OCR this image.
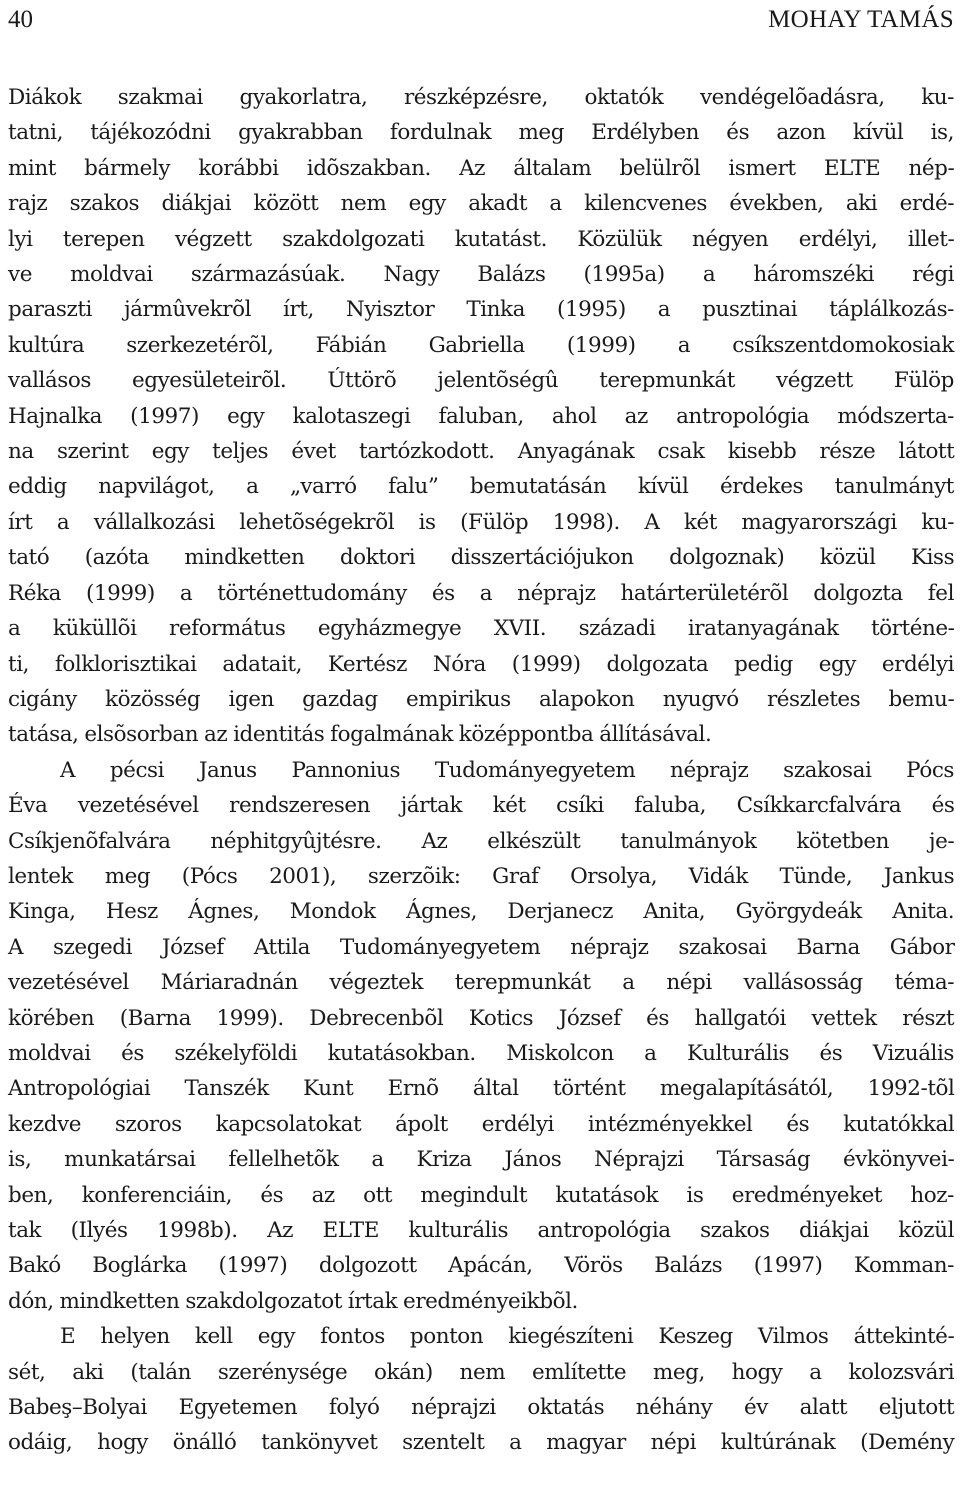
40	MOHAY TAMÁS

Diákok szakmai gyakorlatra, részképzésre, oktatók vendégelõadásra, ku-
tatni, tájékozódni gyakrabban fordulnak meg Erdélyben és azon kívül is,
mint bármely korábbi idõszakban. Az általam belülrõl ismert ELTE nép-
rajz szakos diákjai között nem egy akadt a kilencvenes években, aki erdé-
lyi terepen végzett szakdolgozati kutatást. Közülük négyen erdélyi, illet-
ve moldvai származásúak. Nagy Balázs (1995a) a háromszéki régi
paraszti jármûvekrõl írt, Nyisztor Tinka (1995) a pusztinai táplálkozás-
kultúra szerkezetérõl, Fábián Gabriella (1999) a csíkszentdomokosiak
vallásos egyesületeirõl. Úttörõ jelentõségû terepmunkát végzett Fülöp
Hajnalka (1997) egy kalotaszegi faluban, ahol az antropológia módszerta-
na szerint egy teljes évet tartózkodott. Anyagának csak kisebb része látott
eddig napvilágot, a „varró falu” bemutatásán kívül érdekes tanulmányt
írt a vállalkozási lehetõségekrõl is (Fülöp 1998). A két magyarországi ku-
tató (azóta mindketten doktori disszertációjukon dolgoznak) közül Kiss
Réka (1999) a történettudomány és a néprajz határterületérõl dolgozta fel
a küküllõi református egyházmegye XVII. századi iratanyagának történe-
ti, folklorisztikai adatait, Kertész Nóra (1999) dolgozata pedig egy erdélyi
cigány közösség igen gazdag empirikus alapokon nyugvó részletes bemu-
tatása, elsõsorban az identitás fogalmának középpontba állításával.

A pécsi Janus Pannonius Tudományegyetem néprajz szakosai Pócs
Éva vezetésével rendszeresen jártak két csíki faluba, Csíkkarcfalvára és
Csíkjenõfalvára néphitgyûjtésre. Az elkészült tanulmányok kötetben je-
lentek meg (Pócs 2001), szerzõik: Graf Orsolya, Vidák Tünde, Jankus
Kinga, Hesz Ágnes, Mondok Ágnes, Derjanecz Anita, Györgydeák Anita.
A szegedi József Attila Tudományegyetem néprajz szakosai Barna Gábor
vezetésével Máriaradnán végeztek terepmunkát a népi vallásosság téma-
körében (Barna 1999). Debrecenbõl Kotics József és hallgatói vettek részt
moldvai és székelyföldi kutatásokban. Miskolcon a Kulturális és Vizuális
Antropológiai Tanszék Kunt Ernõ által történt megalapításától, 1992-tõl
kezdve szoros kapcsolatokat ápolt erdélyi intézményekkel és kutatókkal
is, munkatársai fellelhetõk a Kriza János Néprajzi Társaság évkönyvei-
ben, konferenciáin, és az ott megindult kutatások is eredményeket hoz-
tak (Ilyés 1998b). Az ELTE kulturális antropológia szakos diákjai közül
Bakó Boglárka (1997) dolgozott Apácán, Vörös Balázs (1997) Komman-
dón, mindketten szakdolgozatot írtak eredményeikbõl.

E helyen kell egy fontos ponton kiegészíteni Keszeg Vilmos áttekinté-
sét, aki (talán szerénysége okán) nem említette meg, hogy a kolozsvári
Babeş–Bolyai Egyetemen folyó néprajzi oktatás néhány év alatt eljutott
odáig, hogy önálló tankönyvet szentelt a magyar népi kultúrának (Demény
